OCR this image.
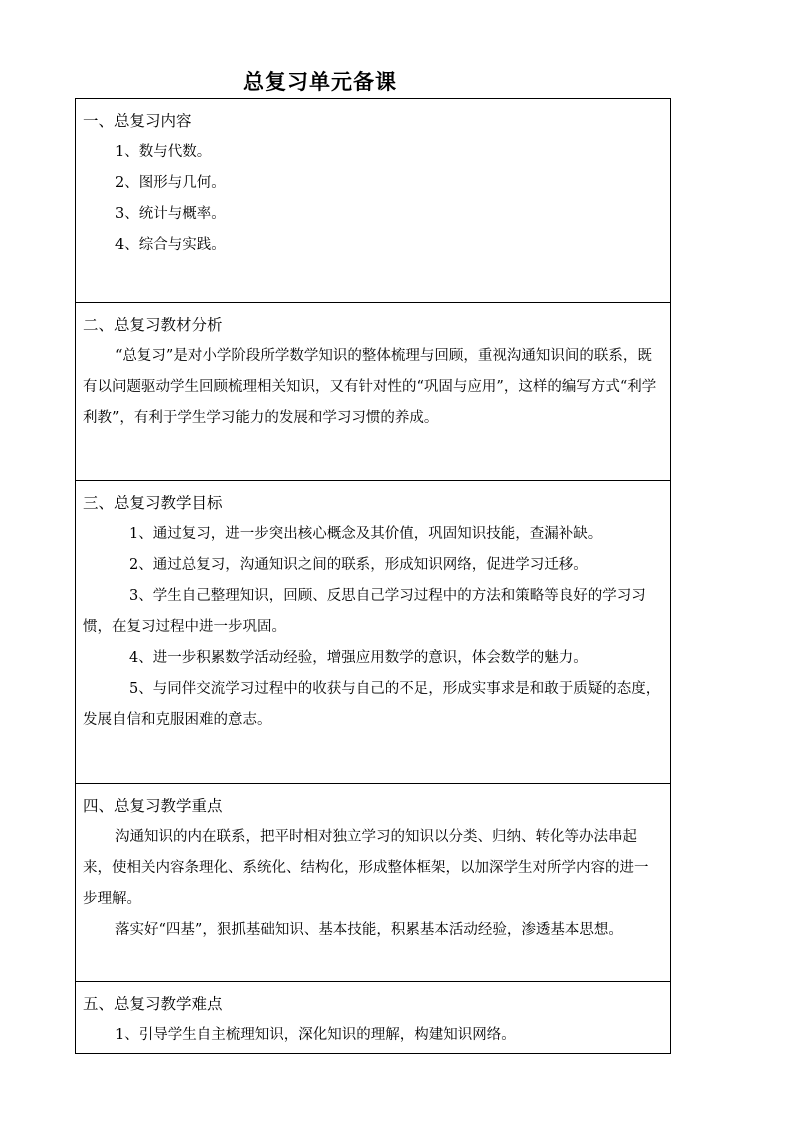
总复习单元备课
一、总复习内容
1、数与代数。
2、图形与几何。
3、统计与概率。
4、综合与实践。

二、总复习教材分析
“总复习”是对小学阶段所学数学知识的整体梳理与回顾，重视沟通知识间的联系，既有以问题驱动学生回顾梳理相关知识，又有针对性的“巩固与应用”，这样的编写方式“利学利教”，有利于学生学习能力的发展和学习习惯的养成。

三、总复习教学目标
1、通过复习，进一步突出核心概念及其价值，巩固知识技能，查漏补缺。
2、通过总复习，沟通知识之间的联系，形成知识网络，促进学习迁移。
3、学生自己整理知识，回顾、反思自己学习过程中的方法和策略等良好的学习习惯，在复习过程中进一步巩固。
4、进一步积累数学活动经验，增强应用数学的意识，体会数学的魅力。
5、与同伴交流学习过程中的收获与自己的不足，形成实事求是和敢于质疑的态度，发展自信和克服困难的意志。

四、总复习教学重点
沟通知识的内在联系，把平时相对独立学习的知识以分类、归纳、转化等办法串起来，使相关内容条理化、系统化、结构化，形成整体框架，以加深学生对所学内容的进一步理解。
落实好“四基”，狠抓基础知识、基本技能，积累基本活动经验，渗透基本思想。

五、总复习教学难点
1、引导学生自主梳理知识，深化知识的理解，构建知识网络。
